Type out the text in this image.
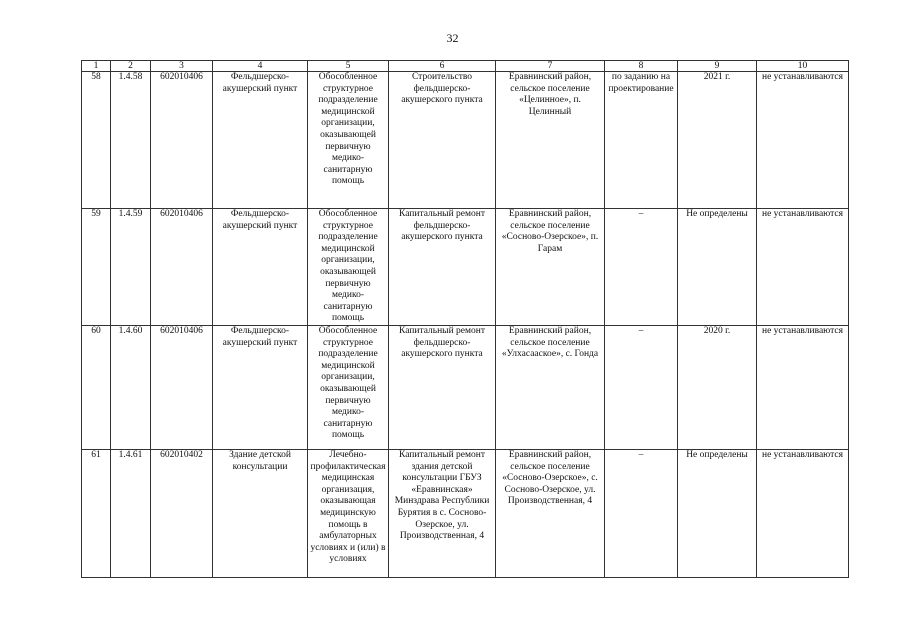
32
1	2	3	4	5	6	7	8	9	10
58	1.4.58	602010406	Фельдшерско-акушерский пункт	Обособленное структурное подразделение медицинской организации, оказывающей первичную медико-санитарную помощь	Строительство фельдшерско-акушерского пункта	Еравнинский район, сельское поселение «Целинное», п. Целинный	по заданию на проектирование	2021 г.	не устанавливаются
59	1.4.59	602010406	Фельдшерско-акушерский пункт	Обособленное структурное подразделение медицинской организации, оказывающей первичную медико-санитарную помощь	Капитальный ремонт фельдшерско-акушерского пункта	Еравнинский район, сельское поселение «Сосново-Озерское», п. Гарам	–	Не определены	не устанавливаются
60	1.4.60	602010406	Фельдшерско-акушерский пункт	Обособленное структурное подразделение медицинской организации, оказывающей первичную медико-санитарную помощь	Капитальный ремонт фельдшерско-акушерского пункта	Еравнинский район, сельское поселение «Улхасааское», с. Гонда	–	2020 г.	не устанавливаются
61	1.4.61	602010402	Здание детской консультации	Лечебно-профилактическая медицинская организация, оказывающая медицинскую помощь в амбулаторных условиях и (или) в условиях	Капитальный ремонт здания детской консультации ГБУЗ «Еравнинская» Минздрава Республики Бурятия в с. Сосново-Озерское, ул. Производственная, 4	Еравнинский район, сельское поселение «Сосново-Озерское», с. Сосново-Озерское, ул. Производственная, 4	–	Не определены	не устанавливаются
